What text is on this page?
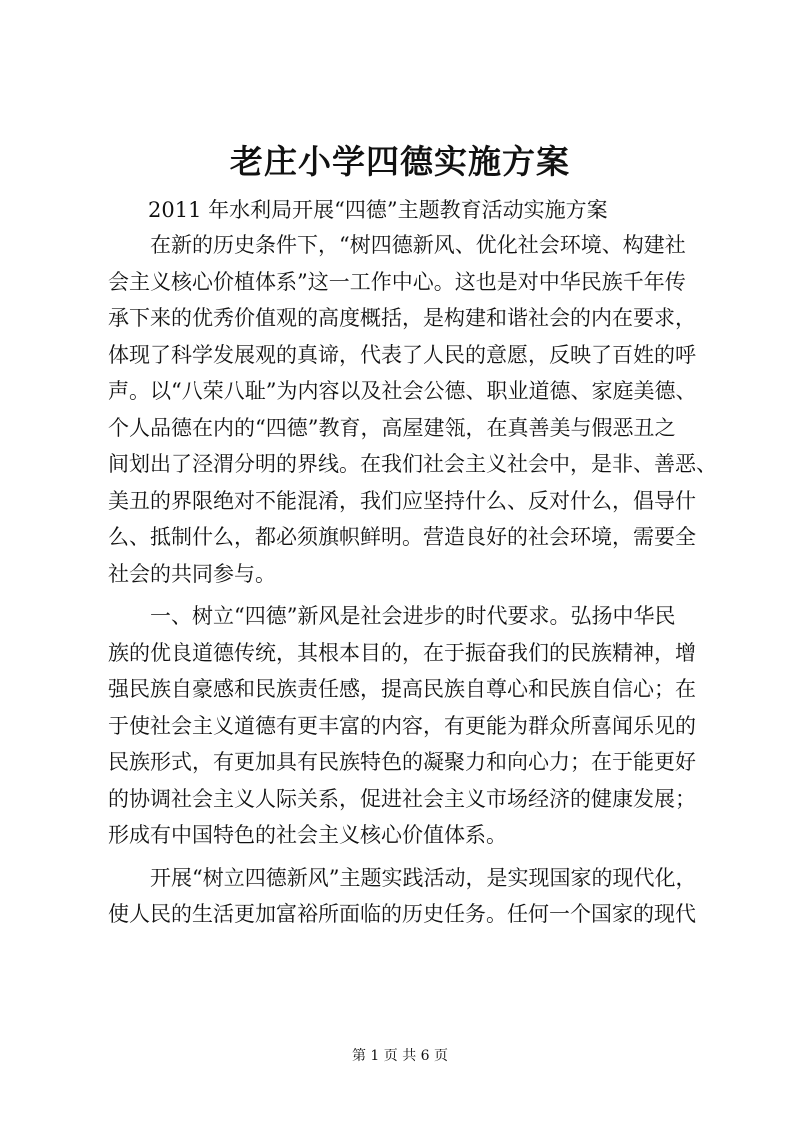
老庄小学四德实施方案
2011 年水利局开展“四德”主题教育活动实施方案
在新的历史条件下，“树四德新风、优化社会环境、构建社
会主义核心价植体系”这一工作中心。这也是对中华民族千年传
承下来的优秀价值观的高度概括，是构建和谐社会的内在要求，
体现了科学发展观的真谛，代表了人民的意愿，反映了百姓的呼
声。以“八荣八耻”为内容以及社会公德、职业道德、家庭美德、
个人品德在内的“四德”教育，高屋建瓴，在真善美与假恶丑之
间划出了泾渭分明的界线。在我们社会主义社会中，是非、善恶、
美丑的界限绝对不能混淆，我们应坚持什么、反对什么，倡导什
么、抵制什么，都必须旗帜鲜明。营造良好的社会环境，需要全
社会的共同参与。
一、树立“四德”新风是社会进步的时代要求。弘扬中华民
族的优良道德传统，其根本目的，在于振奋我们的民族精神，增
强民族自豪感和民族责任感，提高民族自尊心和民族自信心；在
于使社会主义道德有更丰富的内容，有更能为群众所喜闻乐见的
民族形式，有更加具有民族特色的凝聚力和向心力；在于能更好
的协调社会主义人际关系，促进社会主义市场经济的健康发展；
形成有中国特色的社会主义核心价值体系。
开展“树立四德新风”主题实践活动，是实现国家的现代化，
使人民的生活更加富裕所面临的历史任务。任何一个国家的现代
第 1 页 共 6 页
